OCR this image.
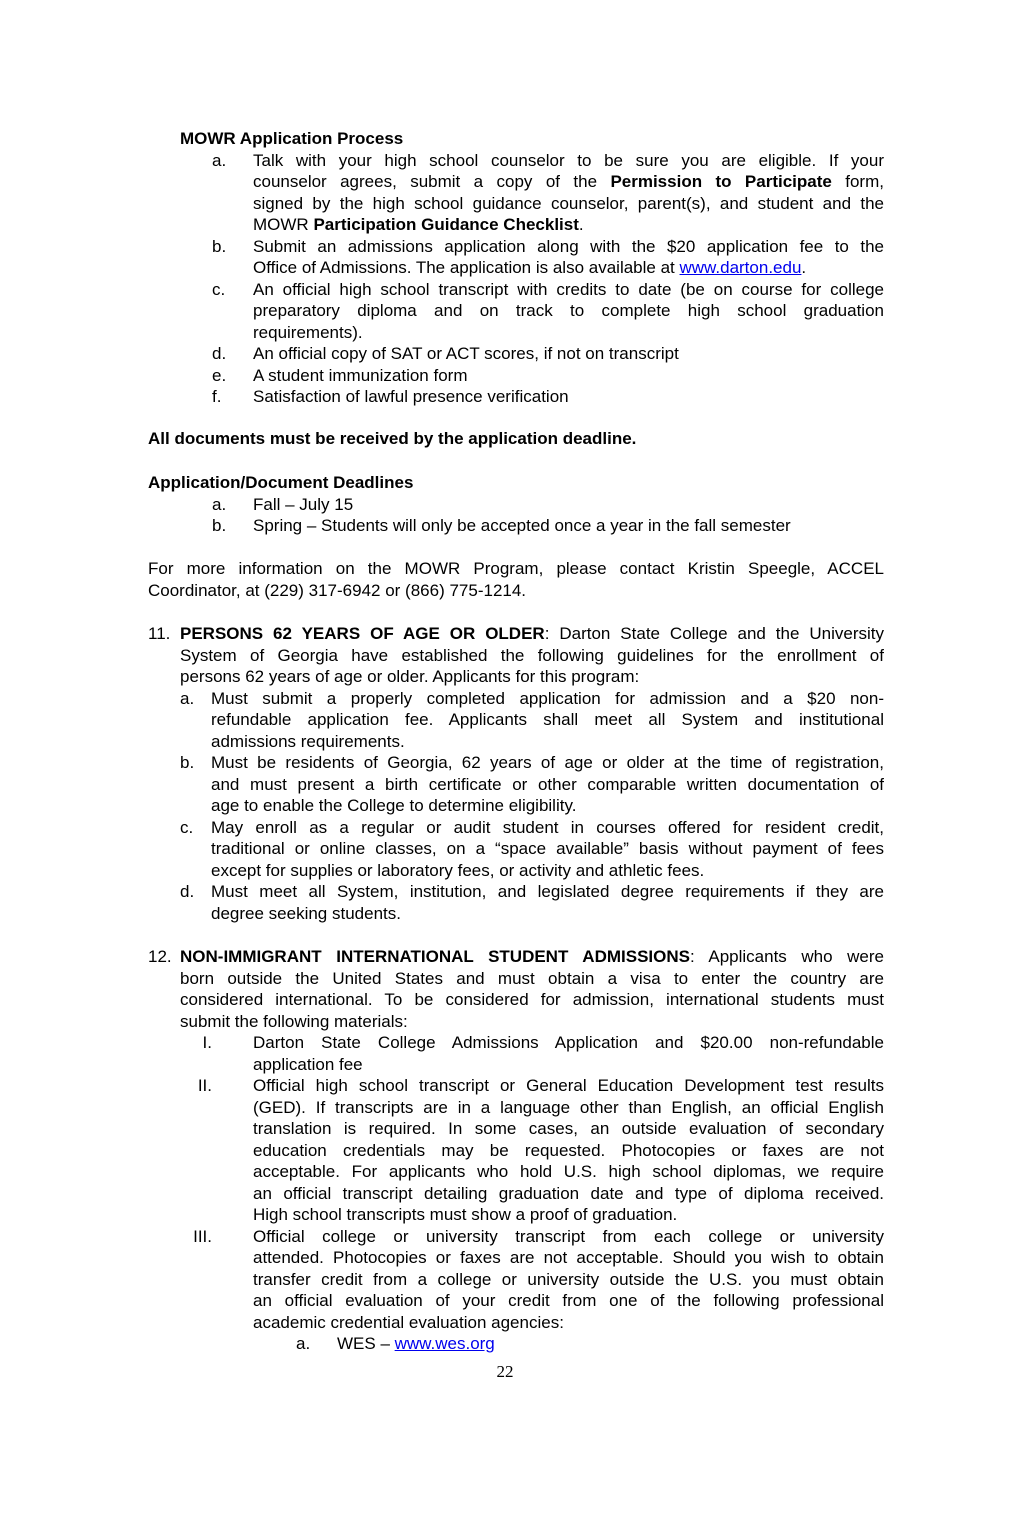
MOWR Application Process
a. Talk with your high school counselor to be sure you are eligible. If your
counselor agrees, submit a copy of the Permission to Participate form,
signed by the high school guidance counselor, parent(s), and student and the
MOWR Participation Guidance Checklist.
b. Submit an admissions application along with the $20 application fee to the
Office of Admissions. The application is also available at www.darton.edu.
c. An official high school transcript with credits to date (be on course for college
preparatory diploma and on track to complete high school graduation
requirements).
d. An official copy of SAT or ACT scores, if not on transcript
e. A student immunization form
f. Satisfaction of lawful presence verification
All documents must be received by the application deadline.
Application/Document Deadlines
a. Fall – July 15
b. Spring – Students will only be accepted once a year in the fall semester
For more information on the MOWR Program, please contact Kristin Speegle, ACCEL
Coordinator, at (229) 317-6942 or (866) 775-1214.
11. PERSONS 62 YEARS OF AGE OR OLDER: Darton State College and the University
System of Georgia have established the following guidelines for the enrollment of
persons 62 years of age or older. Applicants for this program:
a. Must submit a properly completed application for admission and a $20 non-
refundable application fee. Applicants shall meet all System and institutional
admissions requirements.
b. Must be residents of Georgia, 62 years of age or older at the time of registration,
and must present a birth certificate or other comparable written documentation of
age to enable the College to determine eligibility.
c. May enroll as a regular or audit student in courses offered for resident credit,
traditional or online classes, on a “space available” basis without payment of fees
except for supplies or laboratory fees, or activity and athletic fees.
d. Must meet all System, institution, and legislated degree requirements if they are
degree seeking students.
12. NON-IMMIGRANT INTERNATIONAL STUDENT ADMISSIONS: Applicants who were
born outside the United States and must obtain a visa to enter the country are
considered international. To be considered for admission, international students must
submit the following materials:
I. Darton State College Admissions Application and $20.00 non-refundable
application fee
II. Official high school transcript or General Education Development test results
(GED). If transcripts are in a language other than English, an official English
translation is required. In some cases, an outside evaluation of secondary
education credentials may be requested. Photocopies or faxes are not
acceptable. For applicants who hold U.S. high school diplomas, we require
an official transcript detailing graduation date and type of diploma received.
High school transcripts must show a proof of graduation.
III. Official college or university transcript from each college or university
attended. Photocopies or faxes are not acceptable. Should you wish to obtain
transfer credit from a college or university outside the U.S. you must obtain
an official evaluation of your credit from one of the following professional
academic credential evaluation agencies:
a. WES – www.wes.org
22
